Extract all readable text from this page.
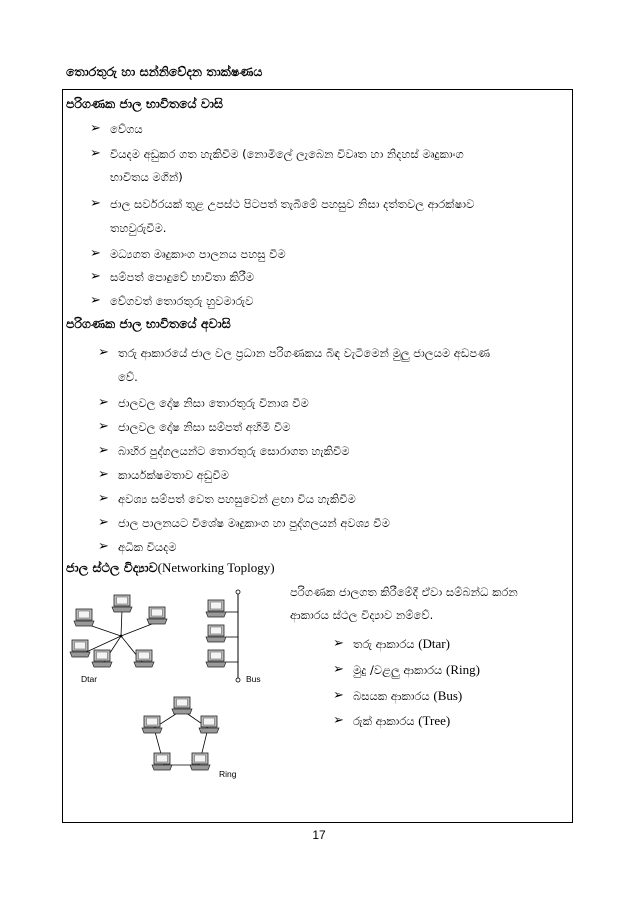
තොරතුරු හා සන්නිවේදන තාක්ෂණය
පරිගණක ජාල භාවිතයේ වාසි
➢ වේගය
➢ වියදම අඩුකර ගත හැකිවීම (නොමිලේ ලැබෙන විවෘත හා නිදහස් මෘදුකාංග
භාවිතය මගින්)
➢ ජාල සර්වරයක් තුළ උපස්ථ පිටපත් තැබීමේ පහසුව නිසා දත්තවල ආරක්ෂාව
තහවුරුවීම.
➢ මධ්‍යගත මෘදුකාංග පාලනය පහසු වීම
➢ සම්පත් පොදුවේ භාවිතා කිරීම
➢ වේගවත් තොරතුරු හුවමාරුව
පරිගණක ජාල භාවිතයේ අවාසි
➢ තරු ආකාරයේ ජාල වල ප්‍රධාන පරිගණකය බිඳ වැටීමෙන් මුලු ජාලයම අඩපණ
වේ.
➢ ජාලවල දෝෂ නිසා තොරතුරු විනාශ වීම
➢ ජාලවල දෝෂ නිසා සම්පත් අහිමි වීම
➢ බාහිර පුද්ගලයන්ට තොරතුරු සොරාගත හැකිවීම
➢ කාර්යක්ෂමතාව අඩුවීම
➢ අවශ්‍ය සම්පත් වෙත පහසුවෙන් ළඟා විය හැකිවීම
➢ ජාල පාලනයට විශේෂ මෘදුකාංග හා පුද්ගලයන් අවශ්‍ය වීම
➢ අධික වියදම
ජාල ස්ථල විද්‍යාව(Networking Toplogy)
පරිගණක ජාලගත කිරීමේදී ඒවා සම්බන්ධ කරන
ආකාරය ස්ථල විද්‍යාව නම්වේ.
➢ තරු ආකාරය (Dtar)
➢ මුදු /වළලු ආකාරය (Ring)
➢ බසයක ආකාරය (Bus)
➢ රුක් ආකාරය (Tree)
Dtar	Bus
Ring
17
